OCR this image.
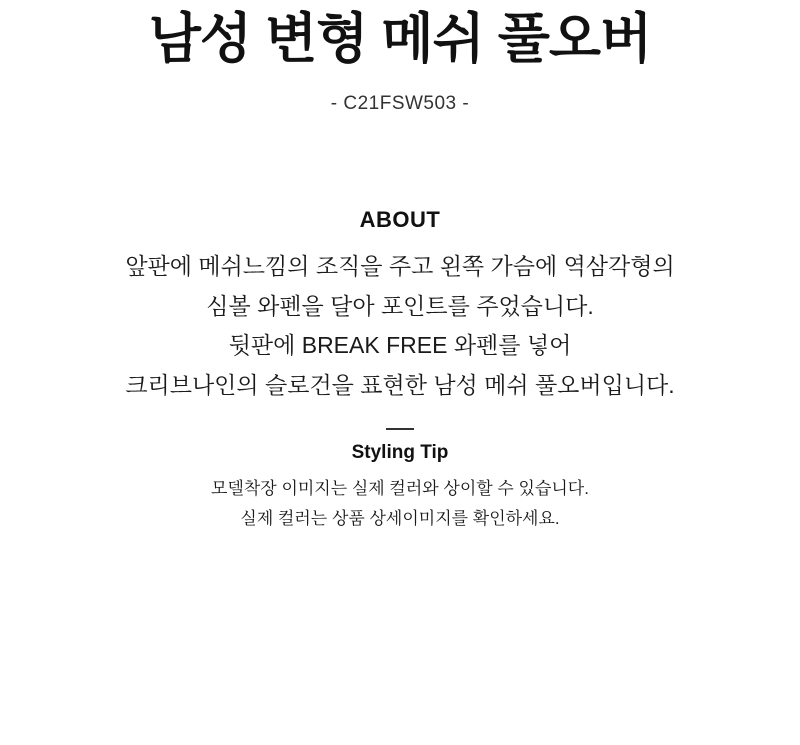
남성 변형 메쉬 풀오버

- C21FSW503 -

ABOUT

앞판에 메쉬느낌의 조직을 주고 왼쪽 가슴에 역삼각형의

심볼 와펜을 달아 포인트를 주었습니다.

뒷판에 BREAK FREE 와펜를 넣어

크리브나인의 슬로건을 표현한 남성 메쉬 풀오버입니다.

Styling Tip

모델착장 이미지는 실제 컬러와 상이할 수 있습니다.

실제 컬러는 상품 상세이미지를 확인하세요.
